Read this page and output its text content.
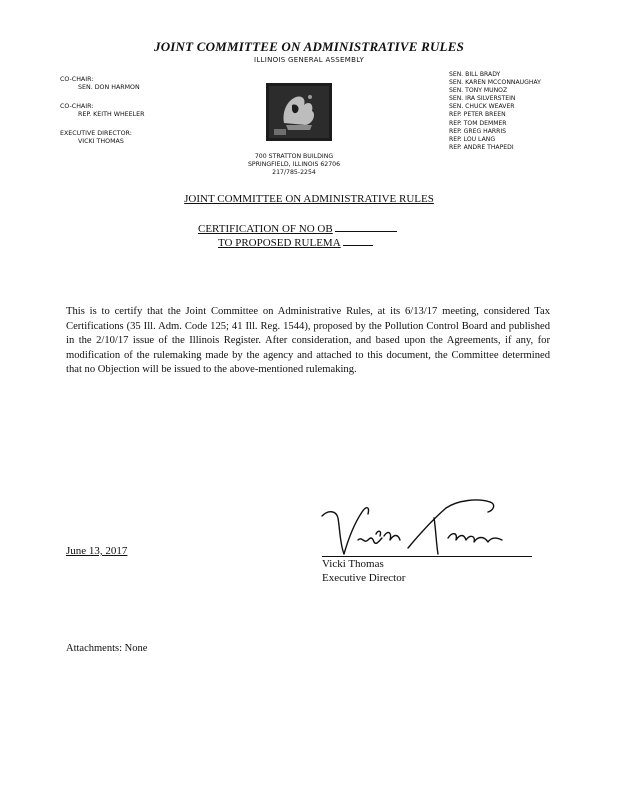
JOINT COMMITTEE ON ADMINISTRATIVE RULES
ILLINOIS GENERAL ASSEMBLY
CO-CHAIR:
SEN. DON HARMON
CO-CHAIR:
REP. KEITH WHEELER
EXECUTIVE DIRECTOR:
VICKI THOMAS
700 STRATTON BUILDING
SPRINGFIELD, ILLINOIS 62706
217/785-2254
SEN. BILL BRADY
SEN. KAREN MCCONNAUGHAY
SEN. TONY MUNOZ
SEN. IRA SILVERSTEIN
SEN. CHUCK WEAVER
REP. PETER BREEN
REP. TOM DEMMER
REP. GREG HARRIS
REP. LOU LANG
REP. ANDRE THAPEDI
JOINT COMMITTEE ON ADMINISTRATIVE RULES
CERTIFICATION OF NO OB
TO PROPOSED RULEMA

This is to certify that the Joint Committee on Administrative Rules, at its 6/13/17 meeting, considered Tax Certifications (35 Ill. Adm. Code 125; 41 Ill. Reg. 1544), proposed by the Pollution Control Board and published in the 2/10/17 issue of the Illinois Register. After consideration, and based upon the Agreements, if any, for modification of the rulemaking made by the agency and attached to this document, the Committee determined that no Objection will be issued to the above-mentioned rulemaking.

June 13, 2017
Vicki Thomas
Executive Director
Attachments: None
